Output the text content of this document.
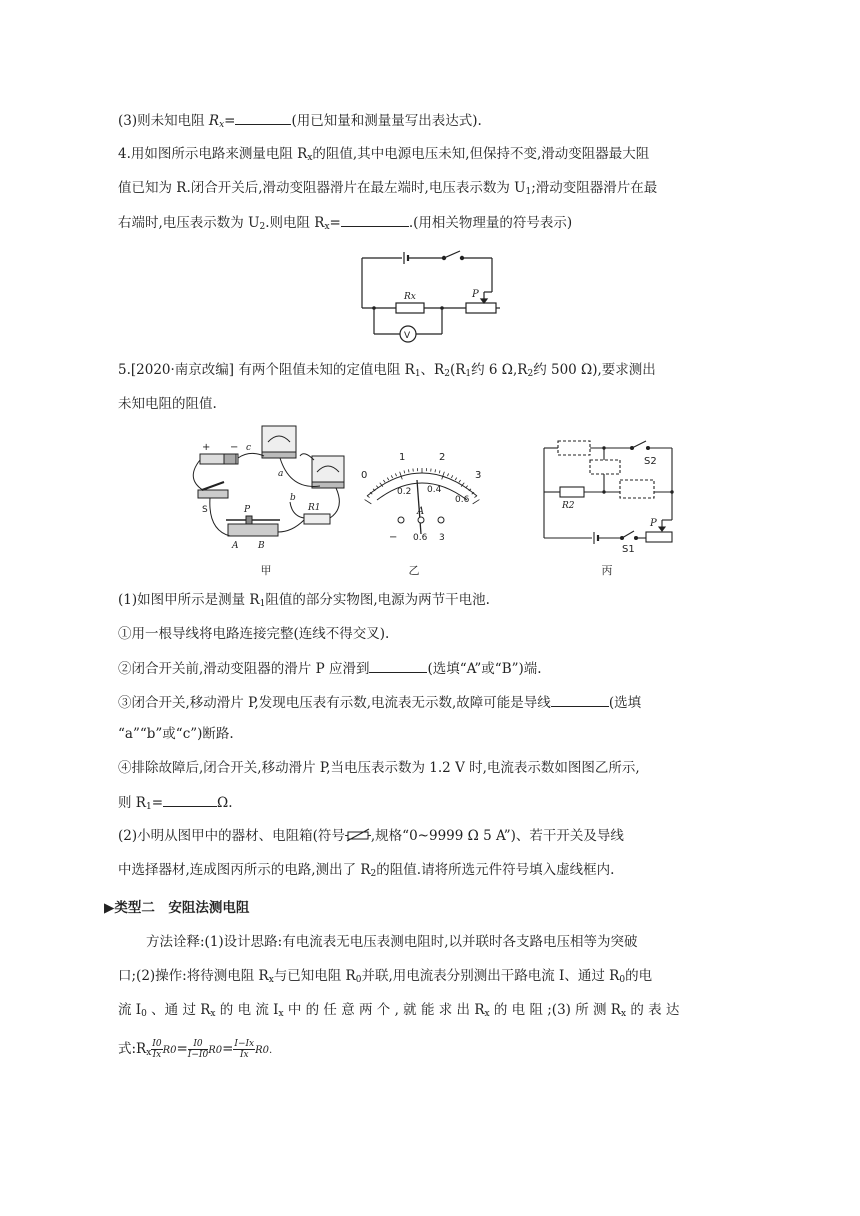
(3)则未知电阻 $R_x=$	(用已知量和测量量写出表达式).
4.用如图所示电路来测量电阻 $R_x$的阻值,其中电源电压未知,但保持不变,滑动变阻器最大阻
值已知为 R.闭合开关后,滑动变阻器滑片在最左端时,电压表示数为 $U_1$;滑动变阻器滑片在最
右端时,电压表示数为 $U_2$.则电阻 $R_x=$	.(用相关物理量的符号表示)
Rx	P
V
5.[2020·南京改编] 有两个阻值未知的定值电阻 $R_1$、$R_2(R_1$约 6 $\Omega,R_2$约 500 Ω),要求测出
未知电阻的阻值.
+ − c
a
b
S	P
A B
R1
甲
0
1	2
3
0.2 0.4
0.6
A
− 0.6 3
乙
S2
R2
P
S1
丙
(1)如图甲所示是测量 $R_1$阻值的部分实物图,电源为两节干电池.
①用一根导线将电路连接完整(连线不得交叉).
②闭合开关前,滑动变阻器的滑片 P 应滑到	(选填“A”或“B”)端.
③闭合开关,移动滑片 P,发现电压表有示数,电流表无示数,故障可能是导线	(选填
“a”“b”或“c”)断路.
④排除故障后,闭合开关,移动滑片 P,当电压表示数为 1.2 V 时,电流表示数如图图乙所示,
则 $R_1=$	Ω.
(2)小明从图甲中的器材、电阻箱(符号 ,规格“0~9999 Ω 5 A”)、若干开关及导线
中选择器材,连成图丙所示的电路,测出了 $R_2$的阻值.请将所选元件符号填入虚线框内.
▶类型二　安阻法测电阻
方法诠释:(1)设计思路:有电流表无电压表测电阻时,以并联时各支路电压相等为突破
口;(2)操作:将待测电阻 $R_x$与已知电阻 $R_0$并联,用电流表分别测出干路电流 I、通过 $R_0$的电
流 $I_0$ 、通 过 $R_x$ 的 电 流 $I_x$ 中 的 任 意 两 个 , 就 能 求 出 $R_x$ 的 电 阻 ;(3) 所 测 $R_x$ 的 表 达
式$:R_x \frac{I0}{Ix} R0= \frac{I0}{I-I0} R0= \frac{I-Ix}{Ix} R0$.
